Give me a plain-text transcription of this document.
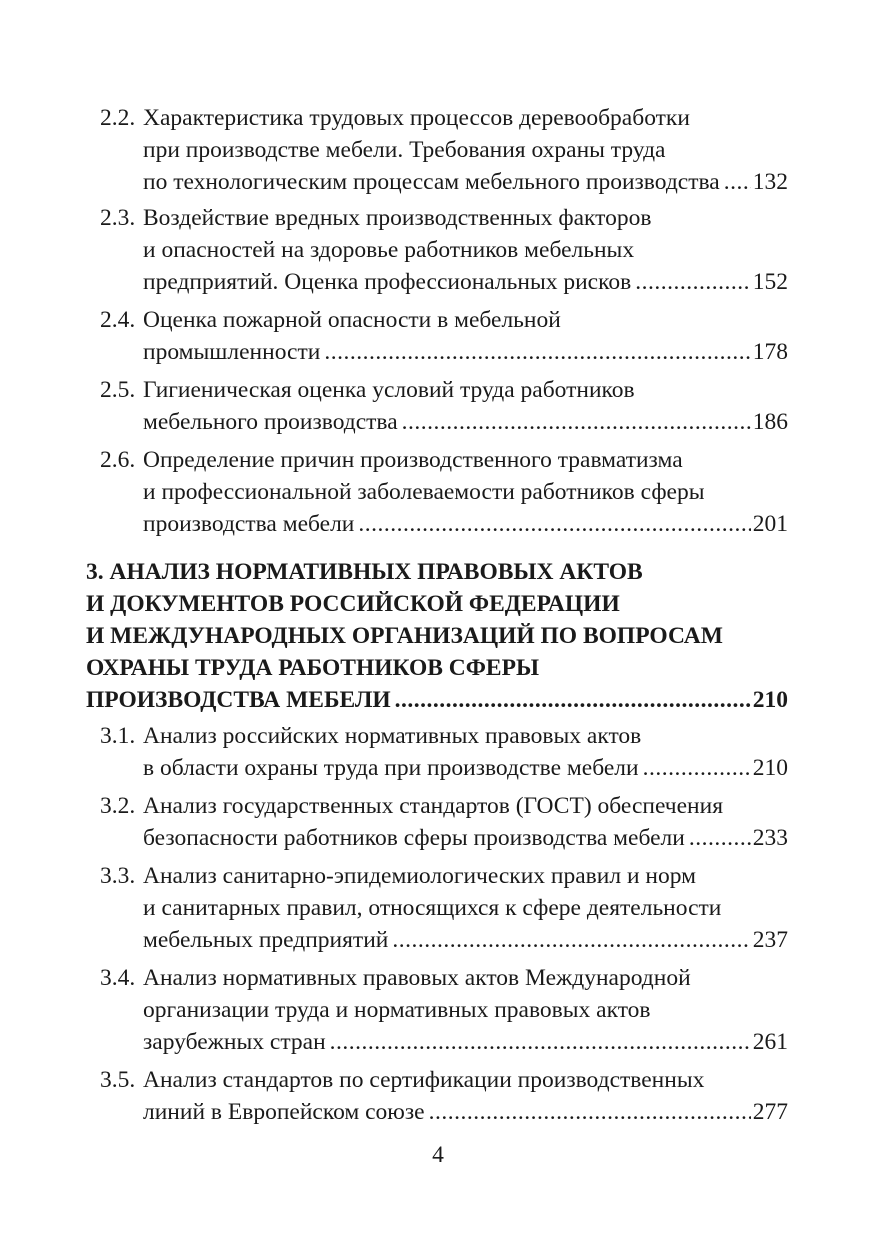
2.2. Характеристика трудовых процессов деревообработки
при производстве мебели. Требования охраны труда
по технологическим процессам мебельного производства ..... 132
2.3. Воздействие вредных производственных факторов
и опасностей на здоровье работников мебельных
предприятий. Оценка профессиональных рисков .....	152
2.4. Оценка пожарной опасности в мебельной
промышленности .....	178
2.5. Гигиеническая оценка условий труда работников
мебельного производства .....	186
2.6. Определение причин производственного травматизма
и профессиональной заболеваемости работников сферы
производства мебели .....	201
3. АНАЛИЗ НОРМАТИВНЫХ ПРАВОВЫХ АКТОВ
И ДОКУМЕНТОВ РОССИЙСКОЙ ФЕДЕРАЦИИ
И МЕЖДУНАРОДНЫХ ОРГАНИЗАЦИЙ ПО ВОПРОСАМ
ОХРАНЫ ТРУДА РАБОТНИКОВ СФЕРЫ
ПРОИЗВОДСТВА МЕБЕЛИ .....	210
3.1. Анализ российских нормативных правовых актов
в области охраны труда при производстве мебели .....	210
3.2. Анализ государственных стандартов (ГОСТ) обеспечения
безопасности работников сферы производства мебели .....	233
3.3. Анализ санитарно-эпидемиологических правил и норм
и санитарных правил, относящихся к сфере деятельности
мебельных предприятий .....	237
3.4. Анализ нормативных правовых актов Международной
организации труда и нормативных правовых актов
зарубежных стран .....	261
3.5. Анализ стандартов по сертификации производственных
линий в Европейском союзе .....	277
4
